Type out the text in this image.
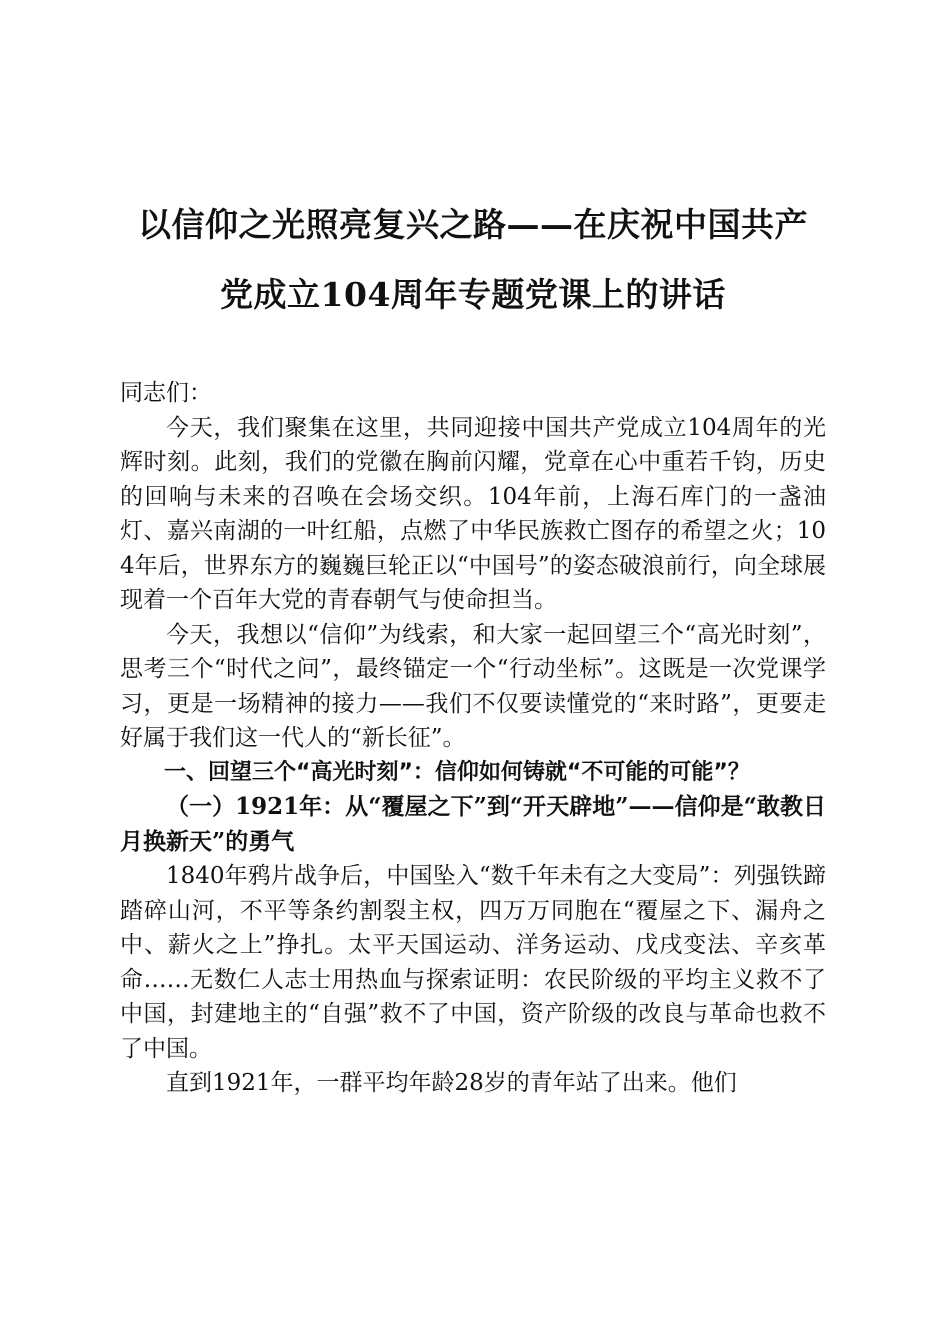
以信仰之光照亮复兴之路——在庆祝中国共产
党成立104周年专题党课上的讲话

同志们：

今天，我们聚集在这里，共同迎接中国共产党成立104周年的光辉时刻。此刻，我们的党徽在胸前闪耀，党章在心中重若千钧，历史的回响与未来的召唤在会场交织。104年前，上海石库门的一盏油灯、嘉兴南湖的一叶红船，点燃了中华民族救亡图存的希望之火；104年后，世界东方的巍巍巨轮正以“中国号”的姿态破浪前行，向全球展现着一个百年大党的青春朝气与使命担当。

今天，我想以“信仰”为线索，和大家一起回望三个“高光时刻”，思考三个“时代之问”，最终锚定一个“行动坐标”。这既是一次党课学习，更是一场精神的接力——我们不仅要读懂党的“来时路”，更要走好属于我们这一代人的“新长征”。

一、回望三个“高光时刻”：信仰如何铸就“不可能的可能”？

（一）1921年：从“覆屋之下”到“开天辟地”——信仰是“敢教日月换新天”的勇气

1840年鸦片战争后，中国坠入“数千年未有之大变局”：列强铁蹄踏碎山河，不平等条约割裂主权，四万万同胞在“覆屋之下、漏舟之中、薪火之上”挣扎。太平天国运动、洋务运动、戊戌变法、辛亥革命……无数仁人志士用热血与探索证明：农民阶级的平均主义救不了中国，封建地主的“自强”救不了中国，资产阶级的改良与革命也救不了中国。

直到1921年，一群平均年龄28岁的青年站了出来。他们
